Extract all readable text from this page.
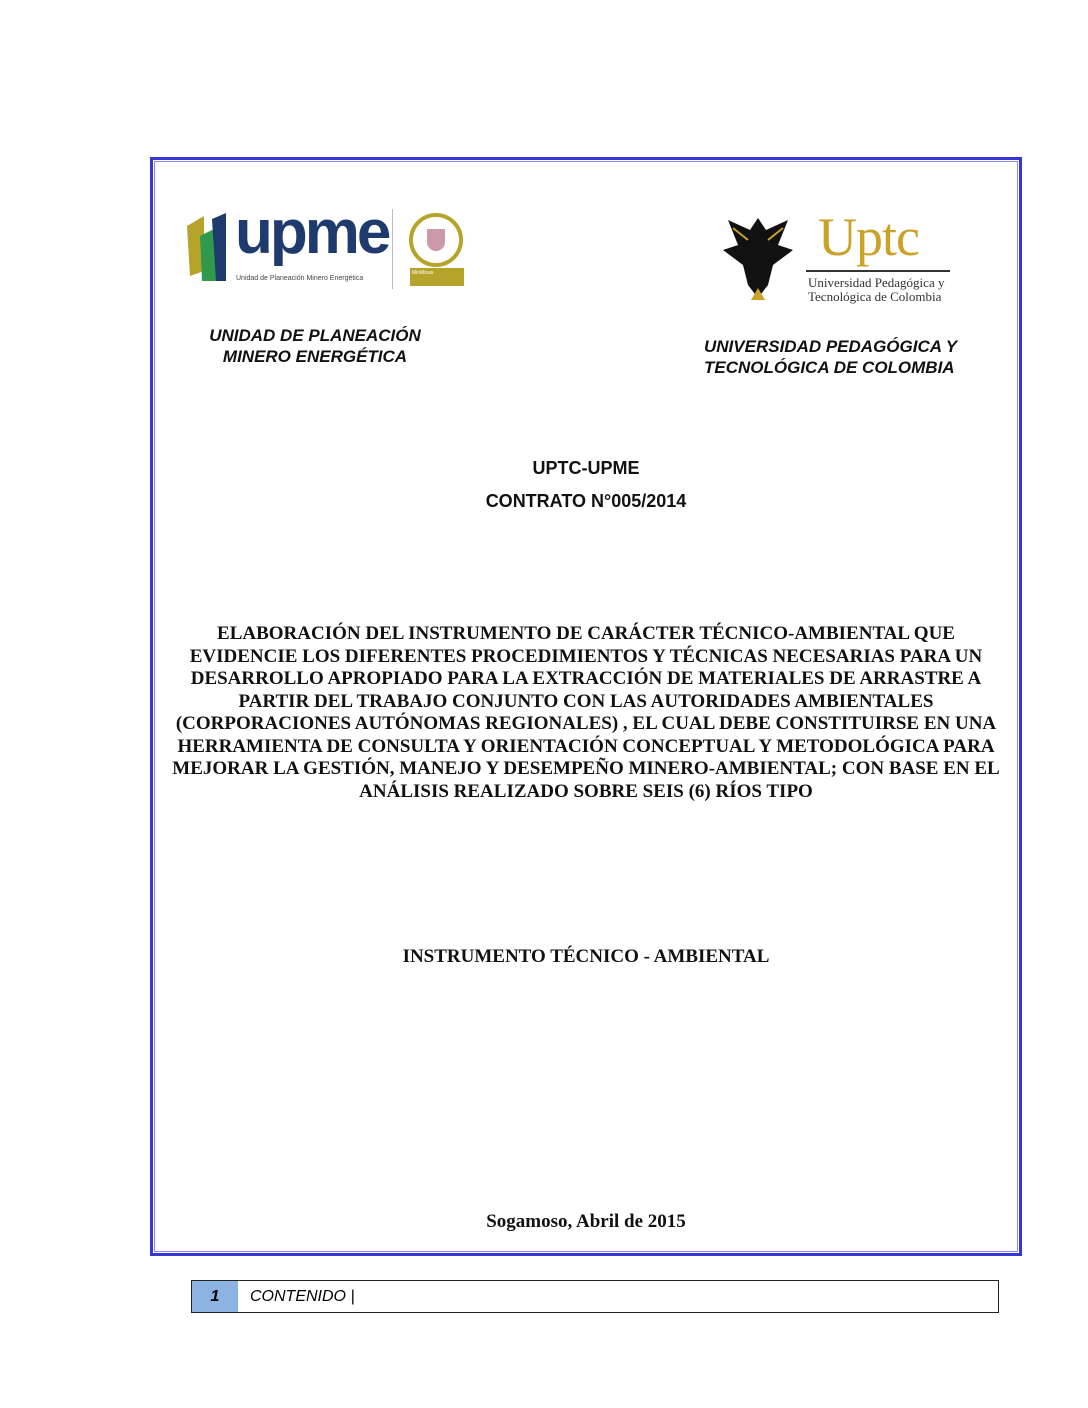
upme
Unidad de Planeación Minero Energética
MinMinas
Uptc
Universidad Pedagógica y
Tecnológica de Colombia
UNIDAD DE PLANEACIÓN
MINERO ENERGÉTICA
UNIVERSIDAD PEDAGÓGICA Y
TECNOLÓGICA DE COLOMBIA
UPTC-UPME
CONTRATO N°005/2014
ELABORACIÓN DEL INSTRUMENTO DE CARÁCTER TÉCNICO-AMBIENTAL QUE
EVIDENCIE LOS DIFERENTES PROCEDIMIENTOS Y TÉCNICAS NECESARIAS PARA UN
DESARROLLO APROPIADO PARA LA EXTRACCIÓN DE MATERIALES DE ARRASTRE A
PARTIR DEL TRABAJO CONJUNTO CON LAS AUTORIDADES AMBIENTALES
(CORPORACIONES AUTÓNOMAS REGIONALES) , EL CUAL DEBE CONSTITUIRSE EN UNA
HERRAMIENTA DE CONSULTA Y ORIENTACIÓN CONCEPTUAL Y METODOLÓGICA PARA
MEJORAR LA GESTIÓN, MANEJO Y DESEMPEÑO MINERO-AMBIENTAL; CON BASE EN EL
ANÁLISIS REALIZADO SOBRE SEIS (6) RÍOS TIPO
INSTRUMENTO TÉCNICO - AMBIENTAL
Sogamoso, Abril de 2015
1	CONTENIDO |
